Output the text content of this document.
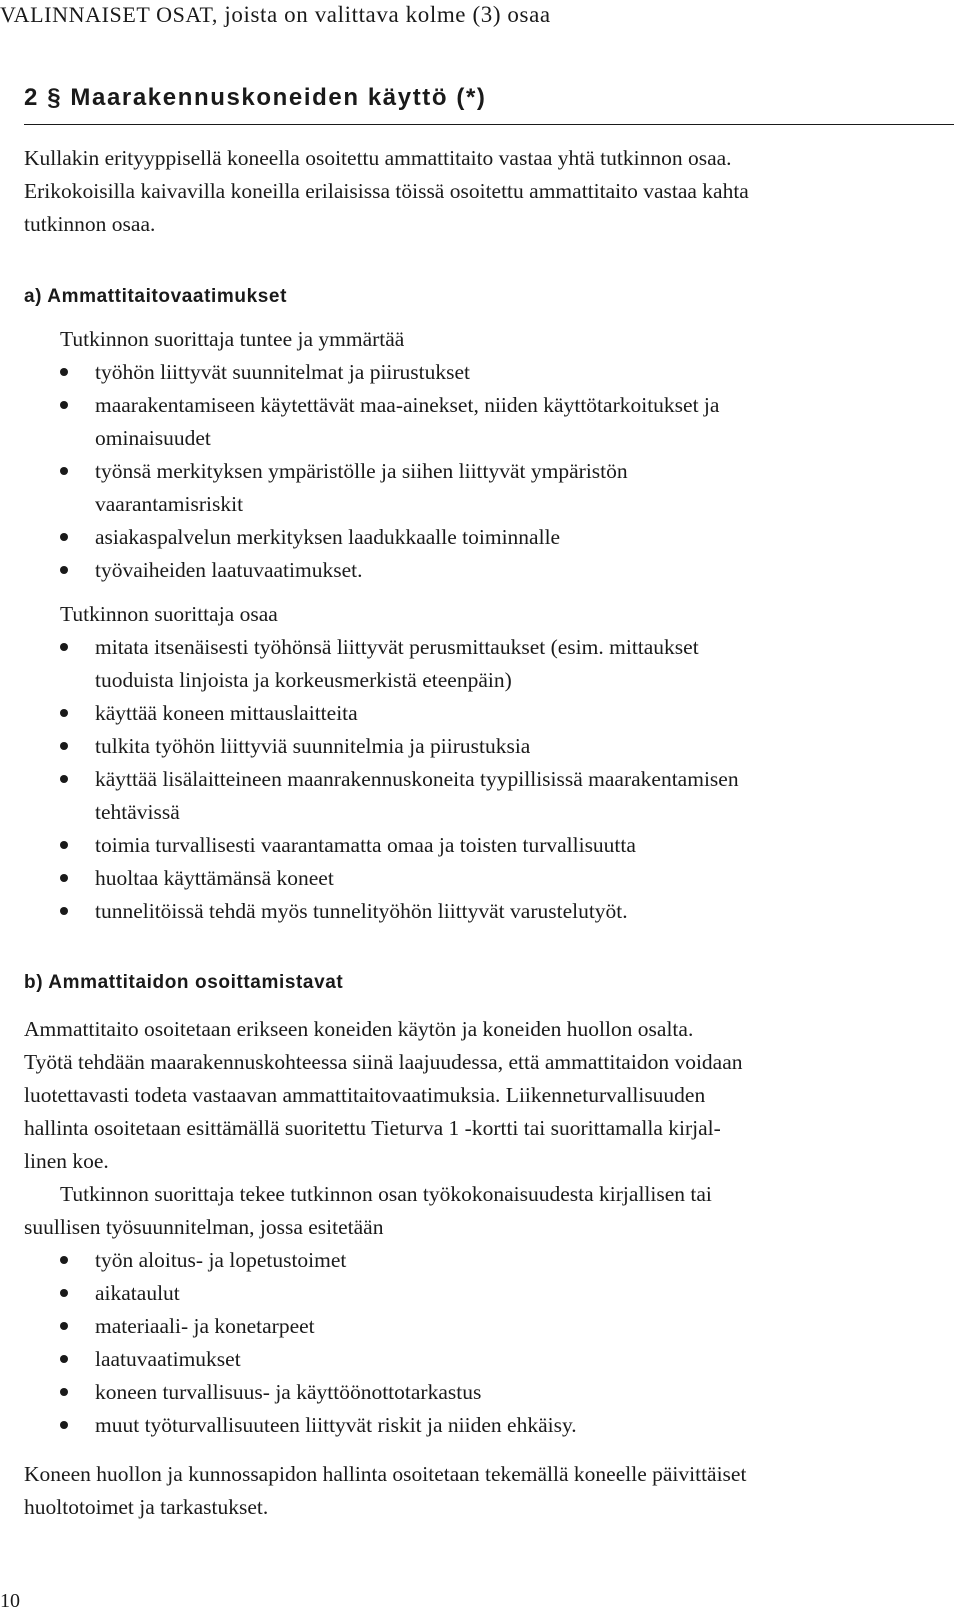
VALINNAISET OSAT, joista on valittava kolme (3) osaa
2 § Maarakennuskoneiden käyttö (*)
Kullakin erityyppisellä koneella osoitettu ammattitaito vastaa yhtä tutkinnon osaa.
Erikokoisilla kaivavilla koneilla erilaisissa töissä osoitettu ammattitaito vastaa kahta
tutkinnon osaa.
a) Ammattitaitovaatimukset
Tutkinnon suorittaja tuntee ja ymmärtää
työhön liittyvät suunnitelmat ja piirustukset
maarakentamiseen käytettävät maa-ainekset, niiden käyttötarkoitukset ja
ominaisuudet
työnsä merkityksen ympäristölle ja siihen liittyvät ympäristön
vaarantamisriskit
asiakaspalvelun merkityksen laadukkaalle toiminnalle
työvaiheiden laatuvaatimukset.
Tutkinnon suorittaja osaa
mitata itsenäisesti työhönsä liittyvät perusmittaukset (esim. mittaukset
tuoduista linjoista ja korkeusmerkistä eteenpäin)
käyttää koneen mittauslaitteita
tulkita työhön liittyviä suunnitelmia ja piirustuksia
käyttää lisälaitteineen maanrakennuskoneita tyypillisissä maarakentamisen
tehtävissä
toimia turvallisesti vaarantamatta omaa ja toisten turvallisuutta
huoltaa käyttämänsä koneet
tunnelitöissä tehdä myös tunnelityöhön liittyvät varustelutyöt.
b) Ammattitaidon osoittamistavat
Ammattitaito osoitetaan erikseen koneiden käytön ja koneiden huollon osalta.
Työtä tehdään maarakennuskohteessa siinä laajuudessa, että ammattitaidon voidaan
luotettavasti todeta vastaavan ammattitaitovaatimuksia. Liikenneturvallisuuden
hallinta osoitetaan esittämällä suoritettu Tieturva 1 -kortti tai suorittamalla kirjal-
linen koe.
Tutkinnon suorittaja tekee tutkinnon osan työkokonaisuudesta kirjallisen tai
suullisen työsuunnitelman, jossa esitetään
työn aloitus- ja lopetustoimet
aikataulut
materiaali- ja konetarpeet
laatuvaatimukset
koneen turvallisuus- ja käyttöönottotarkastus
muut työturvallisuuteen liittyvät riskit ja niiden ehkäisy.
Koneen huollon ja kunnossapidon hallinta osoitetaan tekemällä koneelle päivittäiset
huoltotoimet ja tarkastukset.
10
